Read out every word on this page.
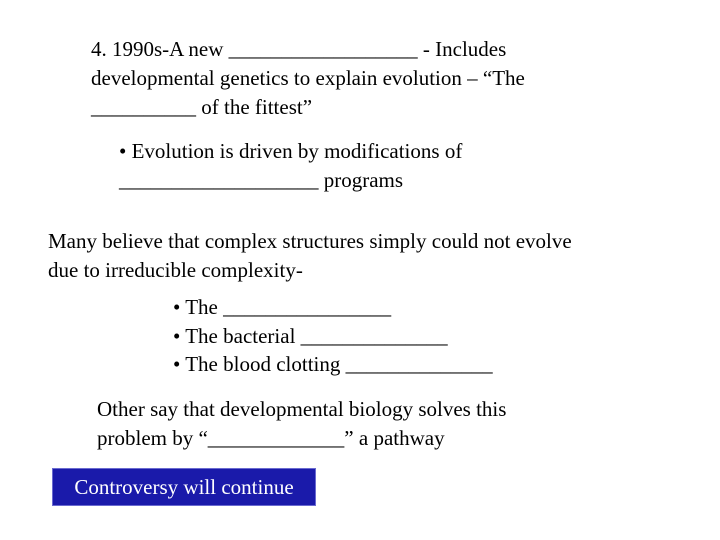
4. 1990s-A new __________________ - Includes
developmental genetics to explain evolution – “The
__________ of the fittest”
• Evolution is driven by modifications of
___________________ programs
Many believe that complex structures simply could not evolve
due to irreducible complexity-
• The ________________
• The bacterial ______________
• The blood clotting ______________
Other say that developmental biology solves this
problem by “_____________” a pathway
Controversy will continue
